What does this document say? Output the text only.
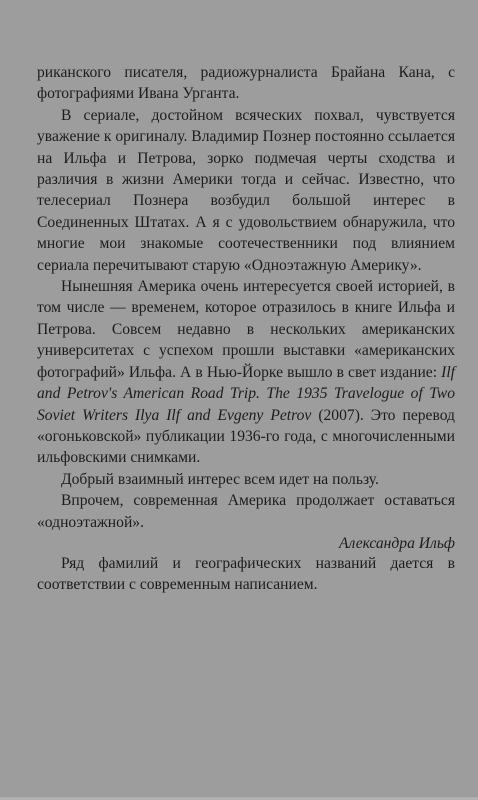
риканского писателя, радиожурналиста Брайана Кана, с фотографиями Ивана Урганта.

В сериале, достойном всяческих похвал, чувствуется уважение к оригиналу. Владимир Познер постоянно ссылается на Ильфа и Петрова, зорко подмечая черты сходства и различия в жизни Америки тогда и сейчас. Известно, что телесериал Познера возбудил большой интерес в Соединенных Штатах. А я с удовольствием обнаружила, что многие мои знакомые соотечественники под влиянием сериала перечитывают старую «Одноэтажную Америку».

Нынешняя Америка очень интересуется своей историей, в том числе — временем, которое отразилось в книге Ильфа и Петрова. Совсем недавно в нескольких американских университетах с успехом прошли выставки «американских фотографий» Ильфа. А в Нью-Йорке вышло в свет издание: Ilf and Petrov's American Road Trip. The 1935 Travelogue of Two Soviet Writers Ilya Ilf and Evgeny Petrov (2007). Это перевод «огоньковской» публикации 1936-го года, с многочисленными ильфовскими снимками.

Добрый взаимный интерес всем идет на пользу.

Впрочем, современная Америка продолжает оставаться «одноэтажной».

Александра Ильф

Ряд фамилий и географических названий дается в соответствии с современным написанием.
